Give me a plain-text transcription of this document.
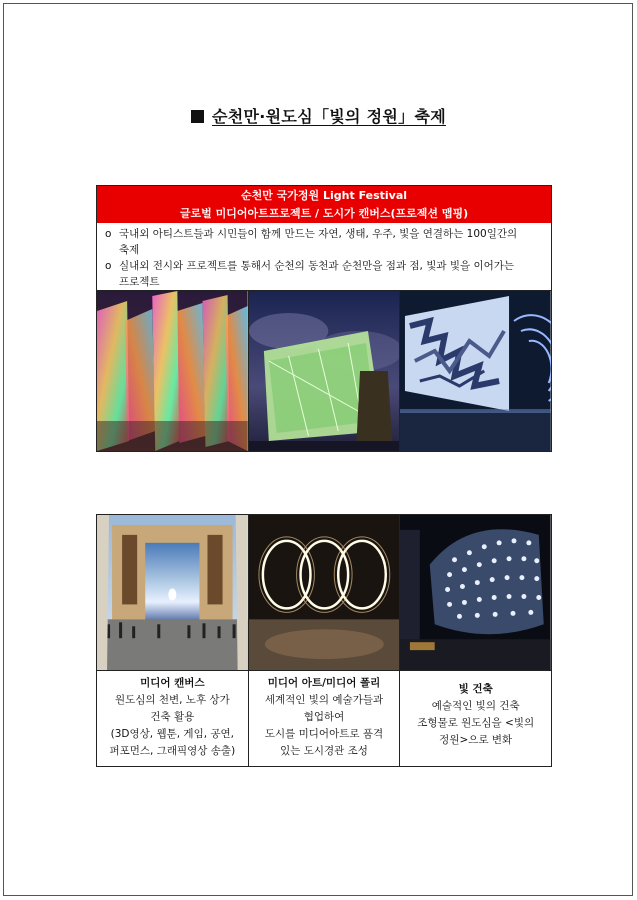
순천만·원도심「빛의 정원」축제
순천만 국가정원 Light Festival
글로벌 미디어아트프로젝트 / 도시가 캔버스(프로젝션 맵핑)
o 국내외 아티스트들과 시민들이 함께 만드는 자연, 생태, 우주, 빛을 연결하는 100일간의
축제
o 실내외 전시와 프로젝트를 통해서 순천의 동천과 순천만을 점과 점, 빛과 빛을 이어가는
프로젝트
미디어 캔버스
원도심의 천변, 노후 상가
건축 활용
(3D영상, 웹툰, 게임, 공연,
퍼포먼스, 그래픽영상 송출)
미디어 아트/미디어 폴리
세계적인 빛의 예술가들과
협업하여
도시를 미디어아트로 품격
있는 도시경관 조성
빛 건축
예술적인 빛의 건축
조형물로 원도심을 <빛의
정원>으로 변화
